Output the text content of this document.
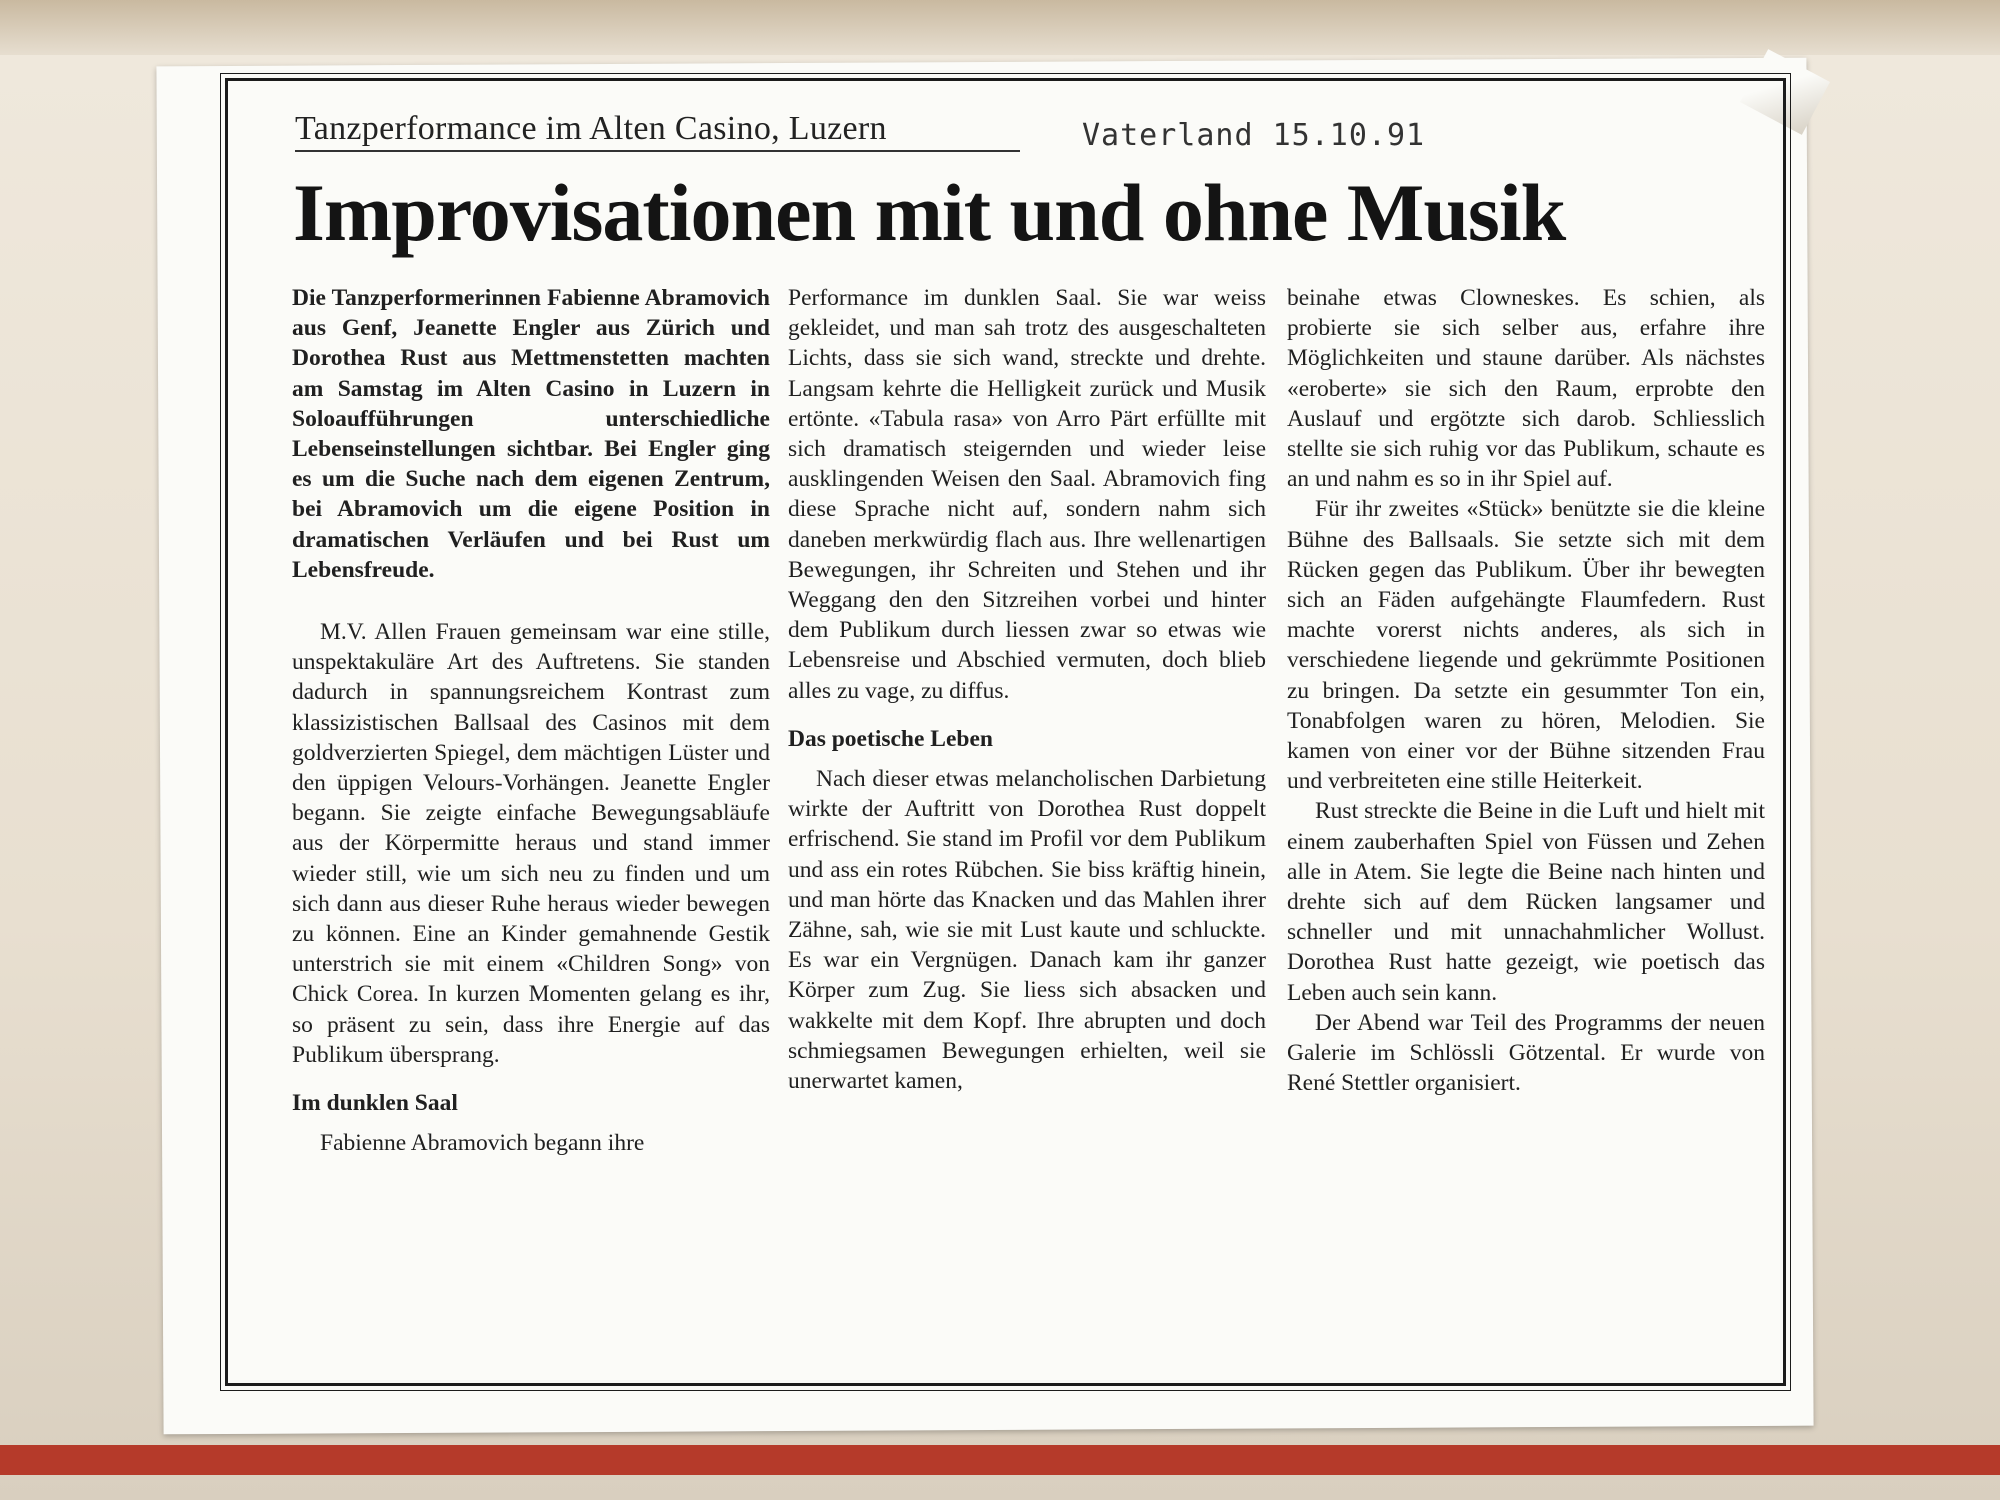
Tanzperformance im Alten Casino, Luzern	Vaterland 15.10.91
Improvisationen mit und ohne Musik

Die Tanzperformerinnen Fabienne Abramovich aus Genf, Jeanette Engler aus Zürich und Dorothea Rust aus Mettmenstetten machten am Samstag im Alten Casino in Luzern in Soloaufführungen unterschiedliche Lebenseinstellungen sichtbar. Bei Engler ging es um die Suche nach dem eigenen Zentrum, bei Abramovich um die eigene Position in dramatischen Verläufen und bei Rust um Lebensfreude.

M.V. Allen Frauen gemeinsam war eine stille, unspektakuläre Art des Auftretens. Sie standen dadurch in spannungsreichem Kontrast zum klassizistischen Ballsaal des Casinos mit dem goldverzierten Spiegel, dem mächtigen Lüster und den üppigen Velours-Vorhängen. Jeanette Engler begann. Sie zeigte einfache Bewegungsabläufe aus der Körpermitte heraus und stand immer wieder still, wie um sich neu zu finden und um sich dann aus dieser Ruhe heraus wieder bewegen zu können. Eine an Kinder gemahnende Gestik unterstrich sie mit einem «Children Song» von Chick Corea. In kurzen Momenten gelang es ihr, so präsent zu sein, dass ihre Energie auf das Publikum übersprang.

Im dunklen Saal

Fabienne Abramovich begann ihre

Performance im dunklen Saal. Sie war weiss gekleidet, und man sah trotz des ausgeschalteten Lichts, dass sie sich wand, streckte und drehte. Langsam kehrte die Helligkeit zurück und Musik ertönte. «Tabula rasa» von Arro Pärt erfüllte mit sich dramatisch steigernden und wieder leise ausklingenden Weisen den Saal. Abramovich fing diese Sprache nicht auf, sondern nahm sich daneben merkwürdig flach aus. Ihre wellenartigen Bewegungen, ihr Schreiten und Stehen und ihr Weggang den den Sitzreihen vorbei und hinter dem Publikum durch liessen zwar so etwas wie Lebensreise und Abschied vermuten, doch blieb alles zu vage, zu diffus.

Das poetische Leben

Nach dieser etwas melancholischen Darbietung wirkte der Auftritt von Dorothea Rust doppelt erfrischend. Sie stand im Profil vor dem Publikum und ass ein rotes Rübchen. Sie biss kräftig hinein, und man hörte das Knacken und das Mahlen ihrer Zähne, sah, wie sie mit Lust kaute und schluckte. Es war ein Vergnügen. Danach kam ihr ganzer Körper zum Zug. Sie liess sich absacken und wakkelte mit dem Kopf. Ihre abrupten und doch schmiegsamen Bewegungen erhielten, weil sie unerwartet kamen,

beinahe etwas Clowneskes. Es schien, als probierte sie sich selber aus, erfahre ihre Möglichkeiten und staune darüber. Als nächstes «eroberte» sie sich den Raum, erprobte den Auslauf und ergötzte sich darob. Schliesslich stellte sie sich ruhig vor das Publikum, schaute es an und nahm es so in ihr Spiel auf.

Für ihr zweites «Stück» benützte sie die kleine Bühne des Ballsaals. Sie setzte sich mit dem Rücken gegen das Publikum. Über ihr bewegten sich an Fäden aufgehängte Flaumfedern. Rust machte vorerst nichts anderes, als sich in verschiedene liegende und gekrümmte Positionen zu bringen. Da setzte ein gesummter Ton ein, Tonabfolgen waren zu hören, Melodien. Sie kamen von einer vor der Bühne sitzenden Frau und verbreiteten eine stille Heiterkeit.

Rust streckte die Beine in die Luft und hielt mit einem zauberhaften Spiel von Füssen und Zehen alle in Atem. Sie legte die Beine nach hinten und drehte sich auf dem Rücken langsamer und schneller und mit unnachahmlicher Wollust. Dorothea Rust hatte gezeigt, wie poetisch das Leben auch sein kann.

Der Abend war Teil des Programms der neuen Galerie im Schlössli Götzental. Er wurde von René Stettler organisiert.
